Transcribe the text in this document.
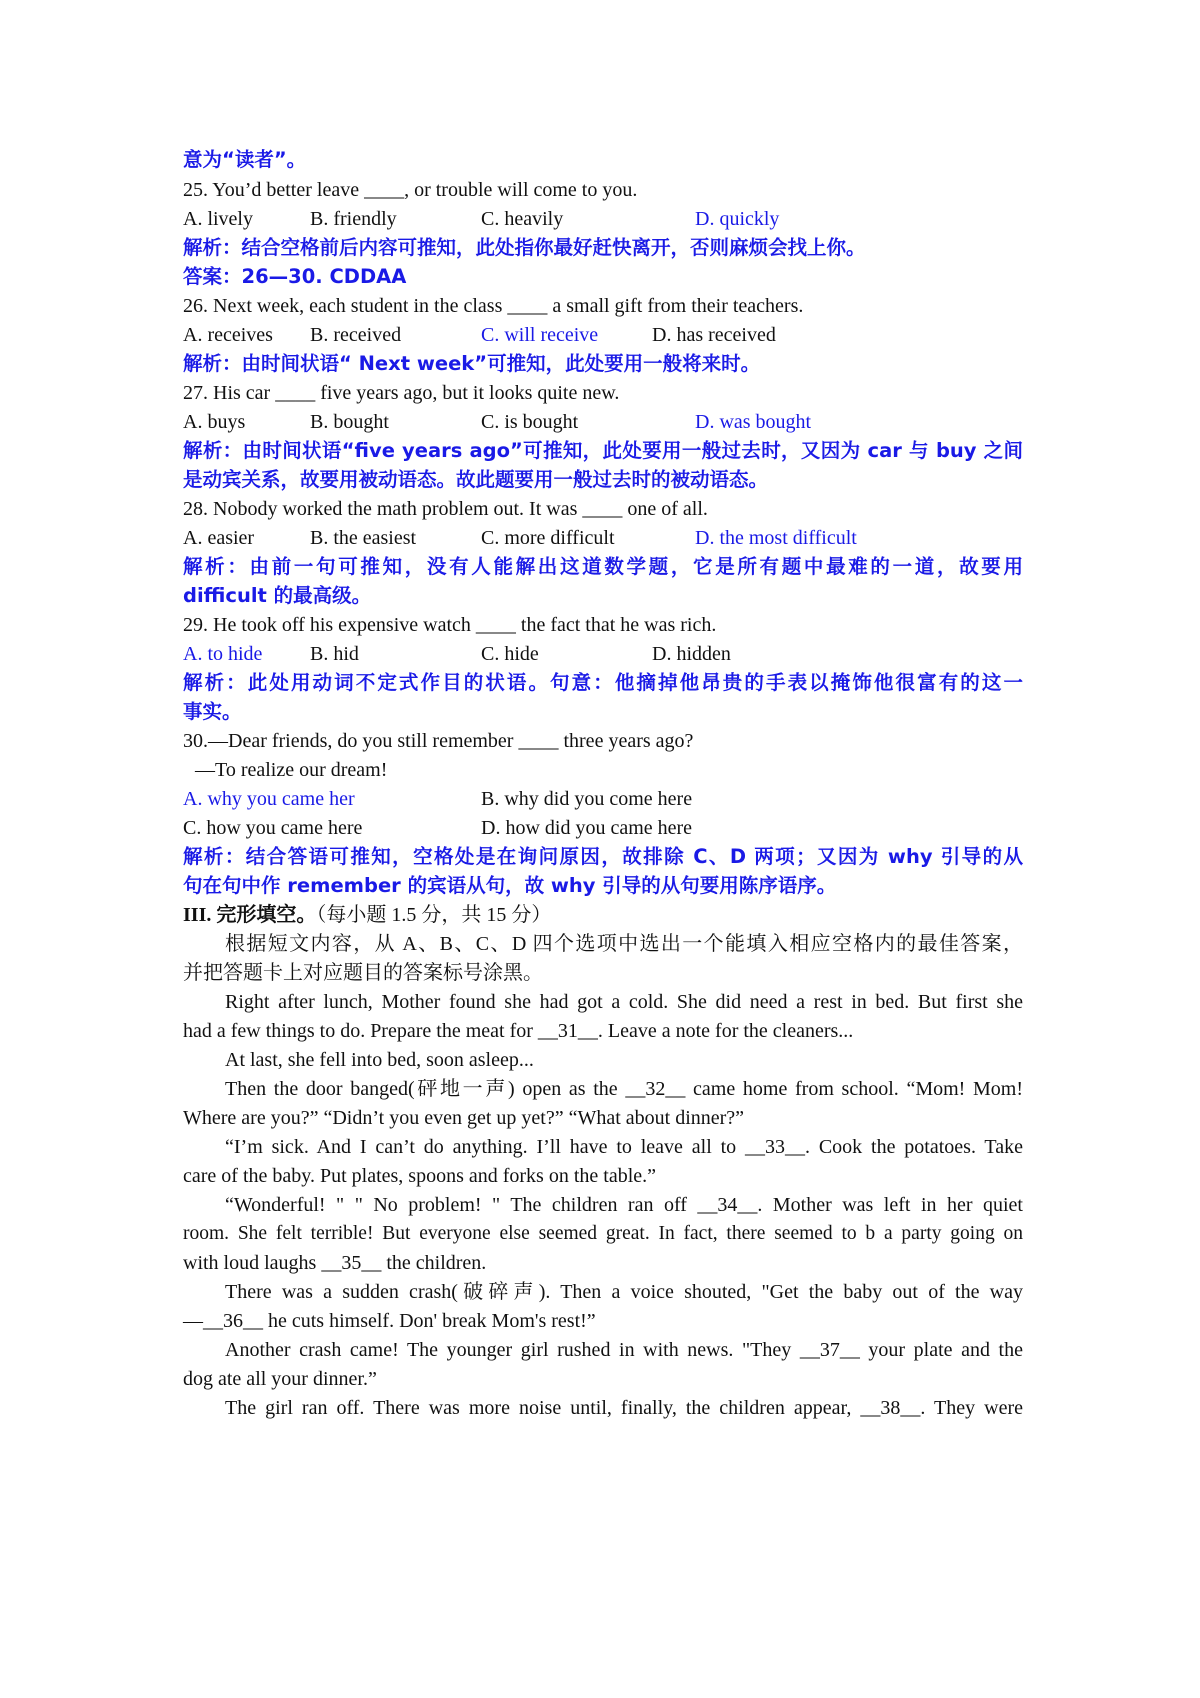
意为“读者”。

25. You’d better leave ____, or trouble will come to you.

A. lively	B. friendly	C. heavily	D. quickly

解析：结合空格前后内容可推知，此处指你最好赶快离开，否则麻烦会找上你。

答案：26—30. CDDAA

26. Next week, each student in the class ____ a small gift from their teachers.

A. receives B. received	C. will receive	D. has received

解析：由时间状语“ Next week”可推知，此处要用一般将来时。

27. His car ____ five years ago, but it looks quite new.

A. buys	B. bought	C. is bought	D. was bought

解析：由时间状语“five years ago”可推知，此处要用一般过去时，又因为 car 与 buy 之间

是动宾关系，故要用被动语态。故此题要用一般过去时的被动语态。

28. Nobody worked the math problem out. It was ____ one of all.

A. easier	B. the easiest	C. more difficult	D. the most difficult

解析：由前一句可推知，没有人能解出这道数学题，它是所有题中最难的一道，故要用

difficult 的最高级。

29. He took off his expensive watch ____ the fact that he was rich.

A. to hide B. hid	C. hide	D. hidden

解析：此处用动词不定式作目的状语。句意：他摘掉他昂贵的手表以掩饰他很富有的这一

事实。

30.—Dear friends, do you still remember ____ three years ago?

—To realize our dream!

A. why you came her	B. why did you come here
C. how you came here	D. how did you came here

解析：结合答语可推知，空格处是在询问原因，故排除 C、D 两项；又因为 why 引导的从

句在句中作 remember 的宾语从句，故 why 引导的从句要用陈序语序。

III. 完形填空。（每小题 1.5 分，共 15 分）

根据短文内容，从 A、B、C、D 四个选项中选出一个能填入相应空格内的最佳答案，

并把答题卡上对应题目的答案标号涂黑。

Right after lunch, Mother found she had got a cold. She did need a rest in bed. But first she

had a few things to do. Prepare the meat for __31__. Leave a note for the cleaners...

At last, she fell into bed, soon asleep...

Then the door banged(砰地一声) open as the __32__ came home from school. “Mom! Mom!

Where are you?” “Didn’t you even get up yet?” “What about dinner?”

“I’m sick. And I can’t do anything. I’ll have to leave all to __33__. Cook the potatoes. Take

care of the baby. Put plates, spoons and forks on the table.”

“Wonderful! " " No problem! " The children ran off __34__. Mother was left in her quiet

room. She felt terrible! But everyone else seemed great. In fact, there seemed to b a party going on

with loud laughs __35__ the children.

There was a sudden crash(破碎声). Then a voice shouted, "Get the baby out of the way

—__36__ he cuts himself. Don' break Mom's rest!”

Another crash came! The younger girl rushed in with news. "They __37__ your plate and the

dog ate all your dinner.”

The girl ran off. There was more noise until, finally, the children appear, __38__. They were
